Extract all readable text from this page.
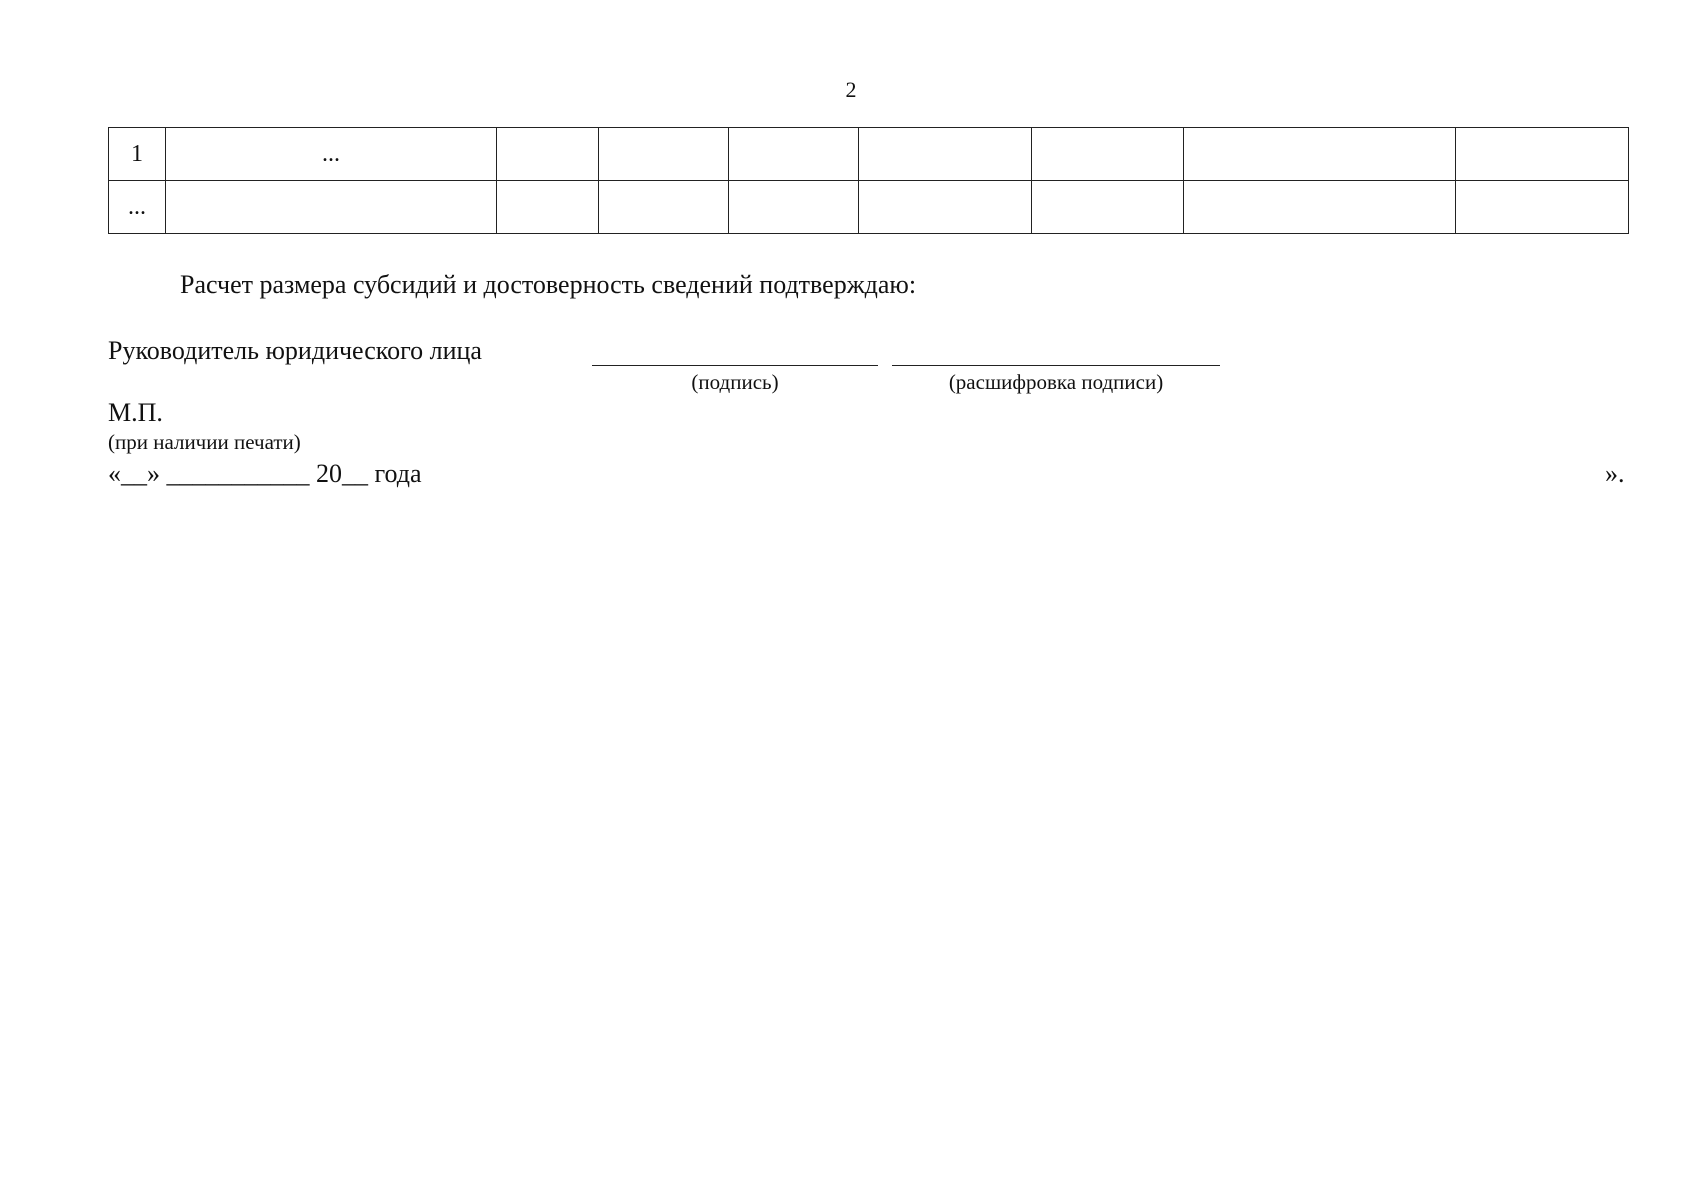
2
1	...							
...								
Расчет размера субсидий и достоверность сведений подтверждаю:
Руководитель юридического лица
(подпись)	(расшифровка подписи)
М.П.
(при наличии печати)
«__» ___________ 20__ года	».
